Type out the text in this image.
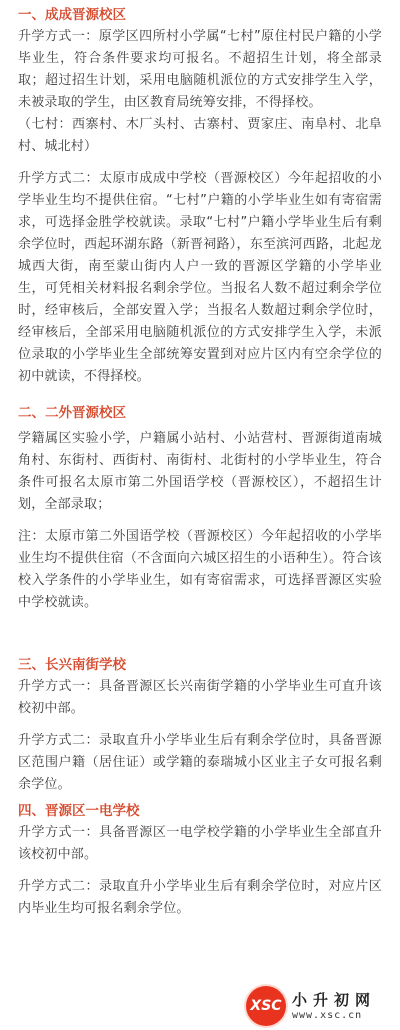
一、成成晋源校区

升学方式一：原学区四所村小学属“七村”原住村民户籍的小学毕业生，符合条件要求均可报名。不超招生计划，将全部录取；超过招生计划，采用电脑随机派位的方式安排学生入学，未被录取的学生，由区教育局统筹安排，不得择校。

（七村：西寨村、木厂头村、古寨村、贾家庄、南阜村、北阜村、城北村）

升学方式二：太原市成成中学校（晋源校区）今年起招收的小学毕业生均不提供住宿。“七村”户籍的小学毕业生如有寄宿需求，可选择金胜学校就读。录取“七村”户籍小学毕业生后有剩余学位时，西起环湖东路（新晋祠路），东至滨河西路，北起龙城西大街，南至蒙山街内人户一致的晋源区学籍的小学毕业生，可凭相关材料报名剩余学位。当报名人数不超过剩余学位时，经审核后，全部安置入学；当报名人数超过剩余学位时，经审核后，全部采用电脑随机派位的方式安排学生入学，未派位录取的小学毕业生全部统筹安置到对应片区内有空余学位的初中就读，不得择校。

二、二外晋源校区

学籍属区实验小学，户籍属小站村、小站营村、晋源街道南城角村、东街村、西街村、南街村、北街村的小学毕业生，符合条件可报名太原市第二外国语学校（晋源校区），不超招生计划，全部录取；

注：太原市第二外国语学校（晋源校区）今年起招收的小学毕业生均不提供住宿（不含面向六城区招生的小语种生）。符合该校入学条件的小学毕业生，如有寄宿需求，可选择晋源区实验中学校就读。

三、长兴南街学校

升学方式一：具备晋源区长兴南街学籍的小学毕业生可直升该校初中部。

升学方式二：录取直升小学毕业生后有剩余学位时，具备晋源区范围户籍（居住证）或学籍的泰瑞城小区业主子女可报名剩余学位。

四、晋源区一电学校

升学方式一：具备晋源区一电学校学籍的小学毕业生全部直升该校初中部。

升学方式二：录取直升小学毕业生后有剩余学位时，对应片区内毕业生均可报名剩余学位。

XSC 小升初网
www.xsc.cn
